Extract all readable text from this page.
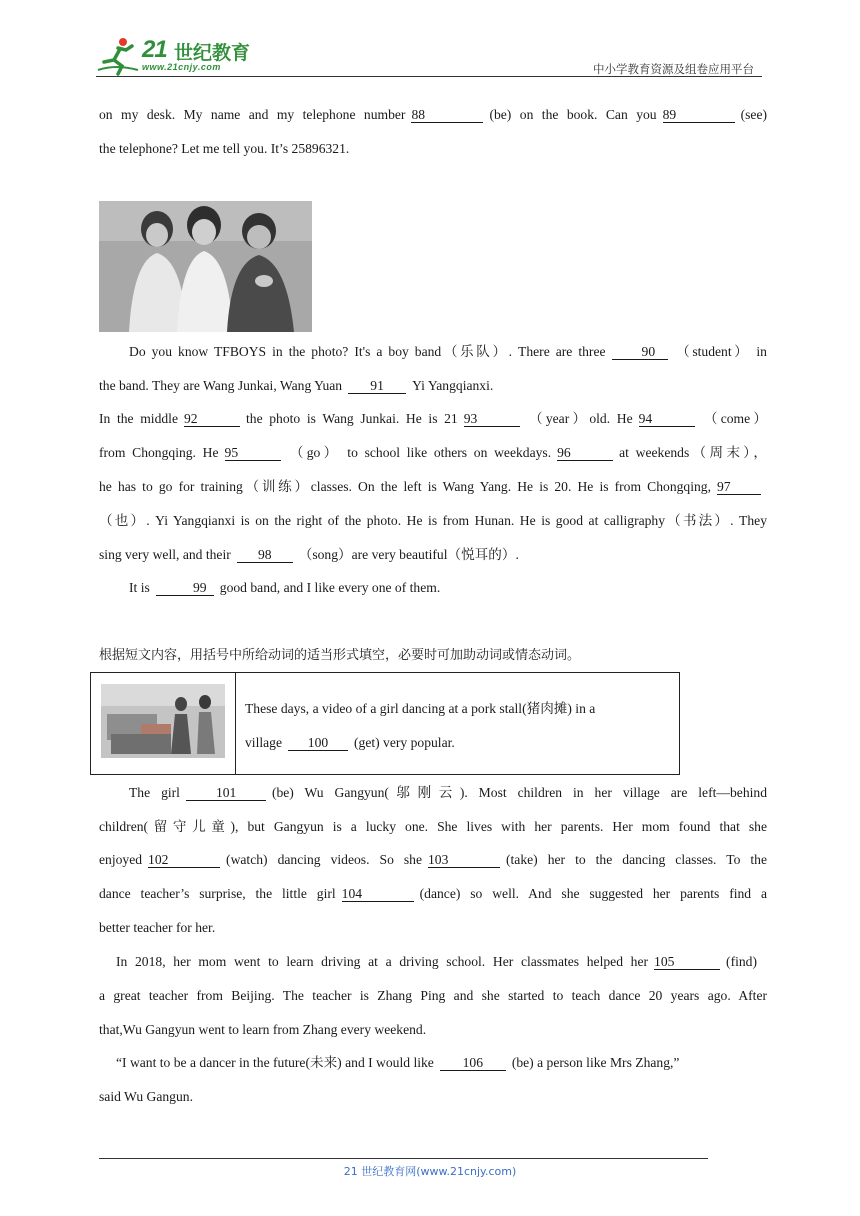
21 世纪教育
www.21cnjy.com	中小学教育资源及组卷应用平台
on my desk. My name and my telephone number 88	(be) on the book. Can you 89	(see)
the telephone? Let me tell you. It’s 25896321.
Do you know TFBOYS in the photo? It's a boy band（乐队）. There are three	90 （student） in
the band. They are Wang Junkai, Wang Yuan 91 Yi Yangqianxi.
In the middle 92	the photo is Wang Junkai. He is 21 93	（year）old. He 94	（come）
from Chongqing. He 95	（go） to school like others on weekdays. 96	at weekends（周末），
he has to go for training（训练）classes. On the left is Wang Yang. He is 20. He is from Chongqing, 97
（也）. Yi Yangqianxi is on the right of the photo. He is from Hunan. He is good at calligraphy（书法）. They
sing very well, and their 98 （song）are very beautiful（悦耳的）.
It is	99 good band, and I like every one of them.
根据短文内容，用括号中所给动词的适当形式填空，必要时可加助动词或情态动词。
These days, a video of a girl dancing at a pork stall(猪肉摊) in a
village 100 (get) very popular.
The girl	101	(be) Wu Gangyun(邬刚云). Most children in her village are left—behind
children(留守儿童), but Gangyun is a lucky one. She lives with her parents. Her mom found that she
enjoyed 102	(watch) dancing videos. So she 103	(take) her to the dancing classes. To the
dance teacher’s surprise, the little girl 104	(dance) so well. And she suggested her parents find a
better teacher for her.
In 2018, her mom went to learn driving at a driving school. Her classmates helped her 105	(find)
a great teacher from Beijing. The teacher is Zhang Ping and she started to teach dance 20 years ago. After
that,Wu Gangyun went to learn from Zhang every weekend.
“I want to be a dancer in the future(未来) and I would like 106 (be) a person like Mrs Zhang,”
said Wu Gangun.
21 世纪教育网(www.21cnjy.com)
